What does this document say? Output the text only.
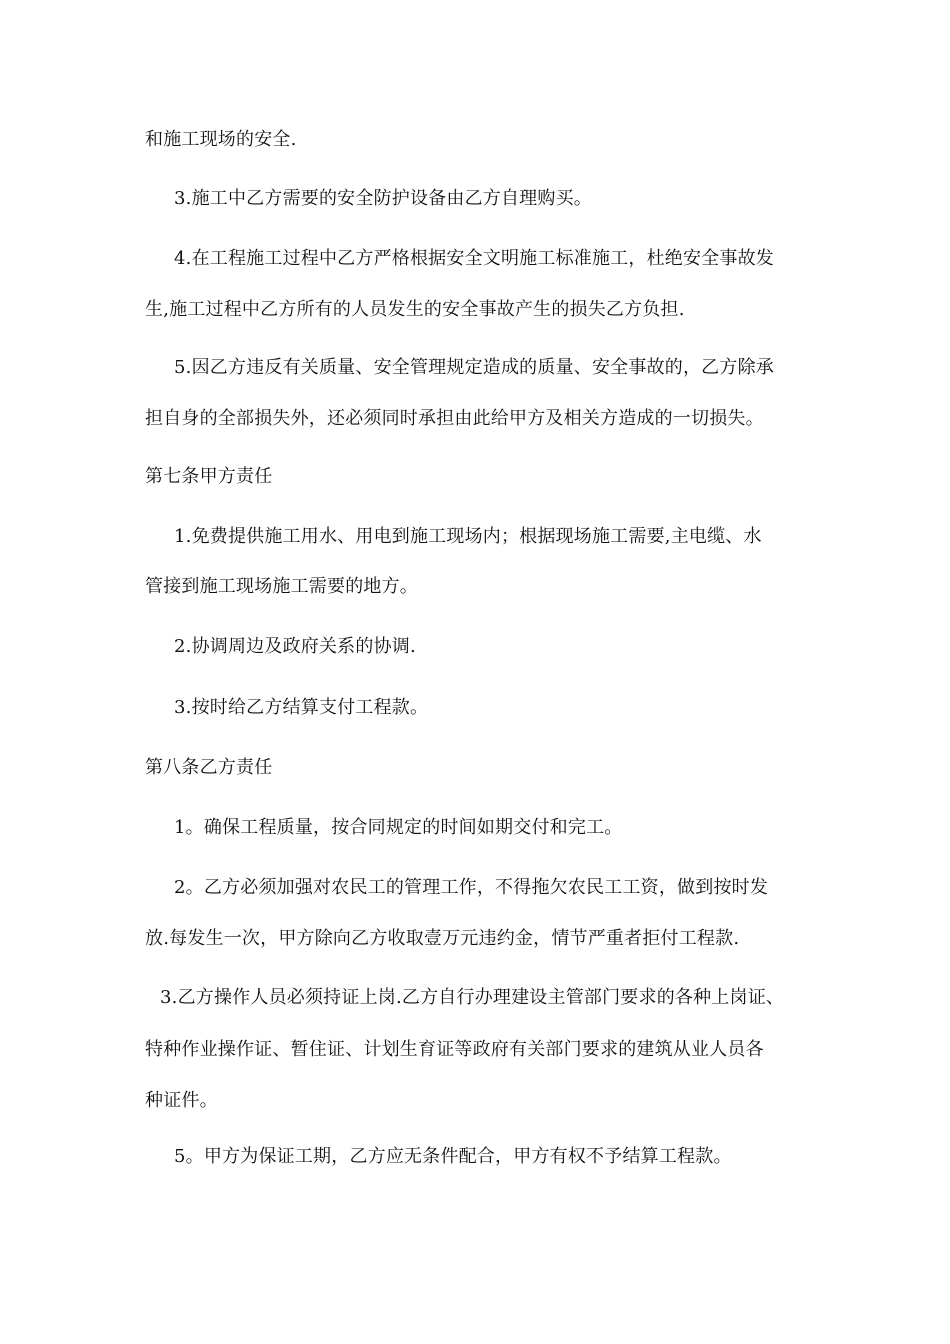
和施工现场的安全.
3.施工中乙方需要的安全防护设备由乙方自理购买。
4.在工程施工过程中乙方严格根据安全文明施工标准施工，杜绝安全事故发
生,施工过程中乙方所有的人员发生的安全事故产生的损失乙方负担.
5.因乙方违反有关质量、安全管理规定造成的质量、安全事故的，乙方除承
担自身的全部损失外，还必须同时承担由此给甲方及相关方造成的一切损失。
第七条甲方责任
1.免费提供施工用水、用电到施工现场内；根据现场施工需要,主电缆、水
管接到施工现场施工需要的地方。
2.协调周边及政府关系的协调.
3.按时给乙方结算支付工程款。
第八条乙方责任
1。确保工程质量，按合同规定的时间如期交付和完工。
2。乙方必须加强对农民工的管理工作，不得拖欠农民工工资，做到按时发
放.每发生一次，甲方除向乙方收取壹万元违约金，情节严重者拒付工程款.
3.乙方操作人员必须持证上岗.乙方自行办理建设主管部门要求的各种上岗证、
特种作业操作证、暂住证、计划生育证等政府有关部门要求的建筑从业人员各
种证件。
5。甲方为保证工期，乙方应无条件配合，甲方有权不予结算工程款。
